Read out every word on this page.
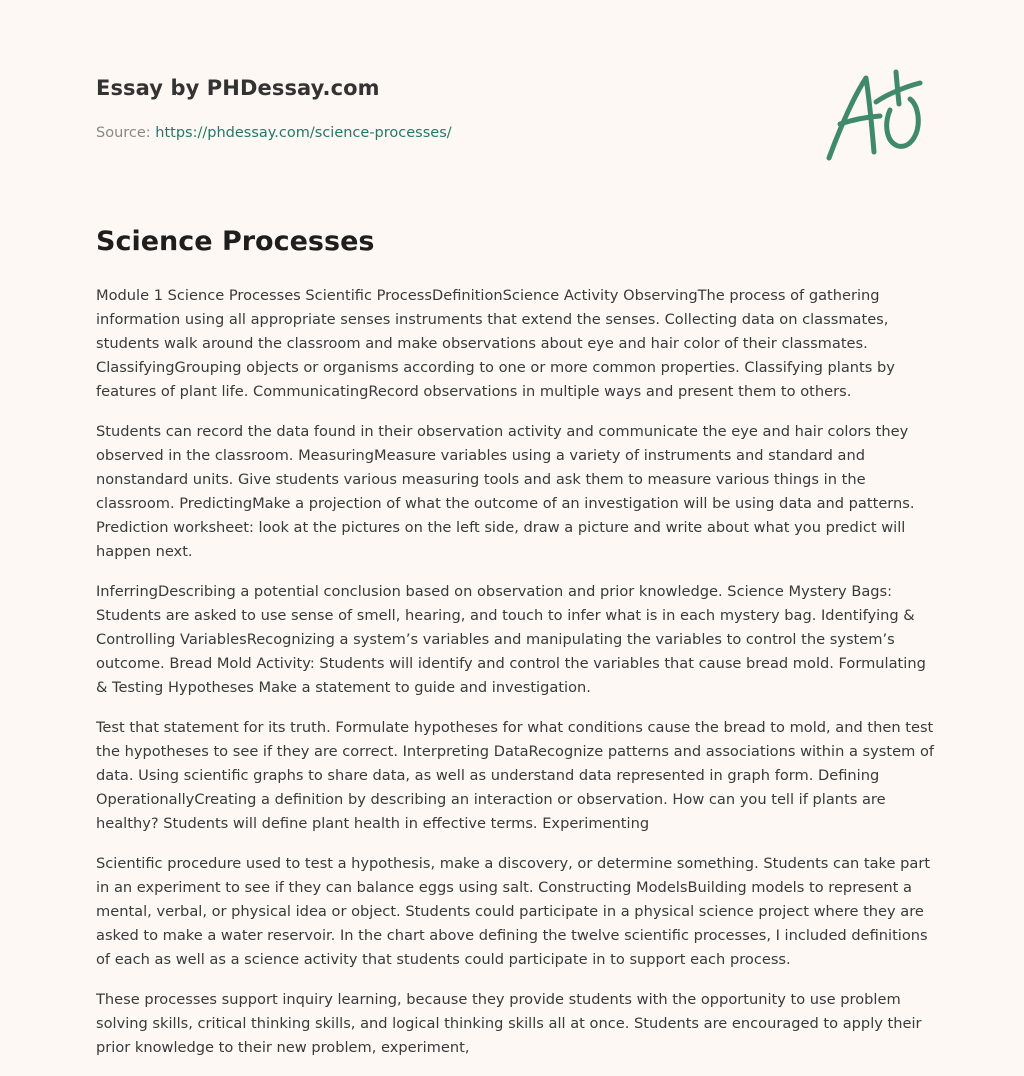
Essay by PHDessay.com

Source: https://phdessay.com/science-processes/

Science Processes

Module 1 Science Processes Scientific ProcessDefinitionScience Activity ObservingThe process of gathering information using all appropriate senses instruments that extend the senses. Collecting data on classmates, students walk around the classroom and make observations about eye and hair color of their classmates. ClassifyingGrouping objects or organisms according to one or more common properties. Classifying plants by features of plant life. CommunicatingRecord observations in multiple ways and present them to others.

Students can record the data found in their observation activity and communicate the eye and hair colors they observed in the classroom. MeasuringMeasure variables using a variety of instruments and standard and nonstandard units. Give students various measuring tools and ask them to measure various things in the classroom. PredictingMake a projection of what the outcome of an investigation will be using data and patterns. Prediction worksheet: look at the pictures on the left side, draw a picture and write about what you predict will happen next.

InferringDescribing a potential conclusion based on observation and prior knowledge. Science Mystery Bags: Students are asked to use sense of smell, hearing, and touch to infer what is in each mystery bag. Identifying & Controlling VariablesRecognizing a system’s variables and manipulating the variables to control the system’s outcome. Bread Mold Activity: Students will identify and control the variables that cause bread mold. Formulating & Testing Hypotheses Make a statement to guide and investigation.

Test that statement for its truth. Formulate hypotheses for what conditions cause the bread to mold, and then test the hypotheses to see if they are correct. Interpreting DataRecognize patterns and associations within a system of data. Using scientific graphs to share data, as well as understand data represented in graph form. Defining OperationallyCreating a definition by describing an interaction or observation. How can you tell if plants are healthy? Students will define plant health in effective terms. Experimenting

Scientific procedure used to test a hypothesis, make a discovery, or determine something. Students can take part in an experiment to see if they can balance eggs using salt. Constructing ModelsBuilding models to represent a mental, verbal, or physical idea or object. Students could participate in a physical science project where they are asked to make a water reservoir. In the chart above defining the twelve scientific processes, I included definitions of each as well as a science activity that students could participate in to support each process.

These processes support inquiry learning, because they provide students with the opportunity to use problem solving skills, critical thinking skills, and logical thinking skills all at once. Students are encouraged to apply their prior knowledge to their new problem, experiment,
